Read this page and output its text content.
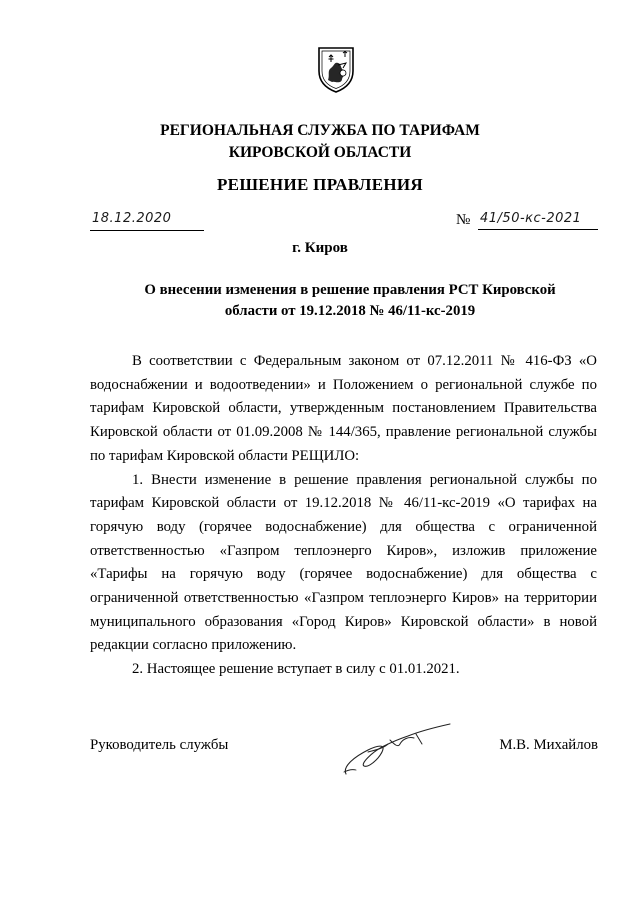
РЕГИОНАЛЬНАЯ СЛУЖБА ПО ТАРИФАМ
КИРОВСКОЙ ОБЛАСТИ
РЕШЕНИЕ ПРАВЛЕНИЯ
18.12.2020	№ 41/50-кс-2021
г. Киров
О внесении изменения в решение правления РСТ Кировской
области от 19.12.2018 № 46/11-кс-2019

В соответствии с Федеральным законом от 07.12.2011 № 416-ФЗ «О водоснабжении и водоотведении» и Положением о региональной службе по тарифам Кировской области, утвержденным постановлением Правительства Кировской области от 01.09.2008 № 144/365, правление региональной службы по тарифам Кировской области РЕЩИЛО:

1. Внести изменение в решение правления региональной службы по тарифам Кировской области от 19.12.2018 № 46/11-кс-2019 «О тарифах на горячую воду (горячее водоснабжение) для общества с ограниченной ответственностью «Газпром теплоэнерго Киров», изложив приложение «Тарифы на горячую воду (горячее водоснабжение) для общества с ограниченной ответственностью «Газпром теплоэнерго Киров» на территории муниципального образования «Город Киров» Кировской области» в новой редакции согласно приложению.

2. Настоящее решение вступает в силу с 01.01.2021.

Руководитель службы	М.В. Михайлов
